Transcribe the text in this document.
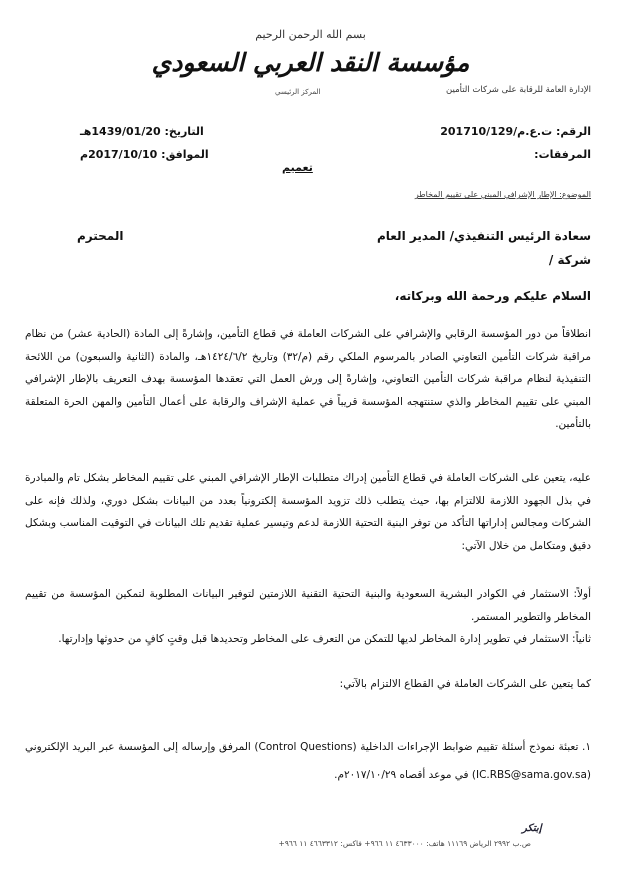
بسم الله الرحمن الرحيم
مؤسسة النقد العربي السعودي
الإدارة العامة للرقابة على شركات التأمين
المركز الرئيسي
الرقم: ت.ع.م/201710/129
المرفقات:
التاريخ: 1439/01/20هـ
الموافق: 2017/10/10م
تعميم
الموضوع: الإطار الإشرافي المبني على تقييم المخاطر
سعادة الرئيس التنفيذي/ المدير العام
المحترم
شركة /
السلام عليكم ورحمة الله وبركاته،
انطلاقاً من دور المؤسسة الرقابي والإشرافي على الشركات العاملة في قطاع التأمين، وإشارةً إلى المادة (الحادية عشر) من نظام مراقبة شركات التأمين التعاوني الصادر بالمرسوم الملكي رقم (م/٣٢) وتاريخ ١٤٢٤/٦/٢هـ، والمادة (الثانية والسبعون) من اللائحة التنفيذية لنظام مراقبة شركات التأمين التعاوني، وإشارةً إلى ورش العمل التي تعقدها المؤسسة بهدف التعريف بالإطار الإشرافي المبني على تقييم المخاطر والذي ستنتهجه المؤسسة قريباً في عملية الإشراف والرقابة على أعمال التأمين والمهن الحرة المتعلقة بالتأمين.
عليه، يتعين على الشركات العاملة في قطاع التأمين إدراك متطلبات الإطار الإشرافي المبني على تقييم المخاطر بشكل تام والمبادرة في بذل الجهود اللازمة للالتزام بها، حيث يتطلب ذلك تزويد المؤسسة إلكترونياً بعدد من البيانات بشكل دوري، ولذلك فإنه على الشركات ومجالس إداراتها التأكد من توفر البنية التحتية اللازمة لدعم وتيسير عملية تقديم تلك البيانات في التوقيت المناسب وبشكل دقيق ومتكامل من خلال الآتي:
أولاً: الاستثمار في الكوادر البشرية السعودية والبنية التحتية التقنية اللازمتين لتوفير البيانات المطلوبة لتمكين المؤسسة من تقييم المخاطر والتطوير المستمر.
ثانياً: الاستثمار في تطوير إدارة المخاطر لديها للتمكن من التعرف على المخاطر وتحديدها قبل وقتٍ كافٍ من حدوثها وإدارتها.
كما يتعين على الشركات العاملة في القطاع الالتزام بالآتي:
١. تعبئة نموذج أسئلة تقييم ضوابط الإجراءات الداخلية (Control Questions) المرفق وإرساله إلى المؤسسة عبر البريد الإلكتروني (IC.RBS@sama.gov.sa) في موعد أقصاه ٢٠١٧/١٠/٢٩م.
إبتكر
ص.ب ٢٩٩٢ الرياض ١١١٦٩ هاتف: ٤٦٣٣٠٠٠ ١١ ٩٦٦+ فاكس: ٤٦٦٣٣١٢ ١١ ٩٦٦+
